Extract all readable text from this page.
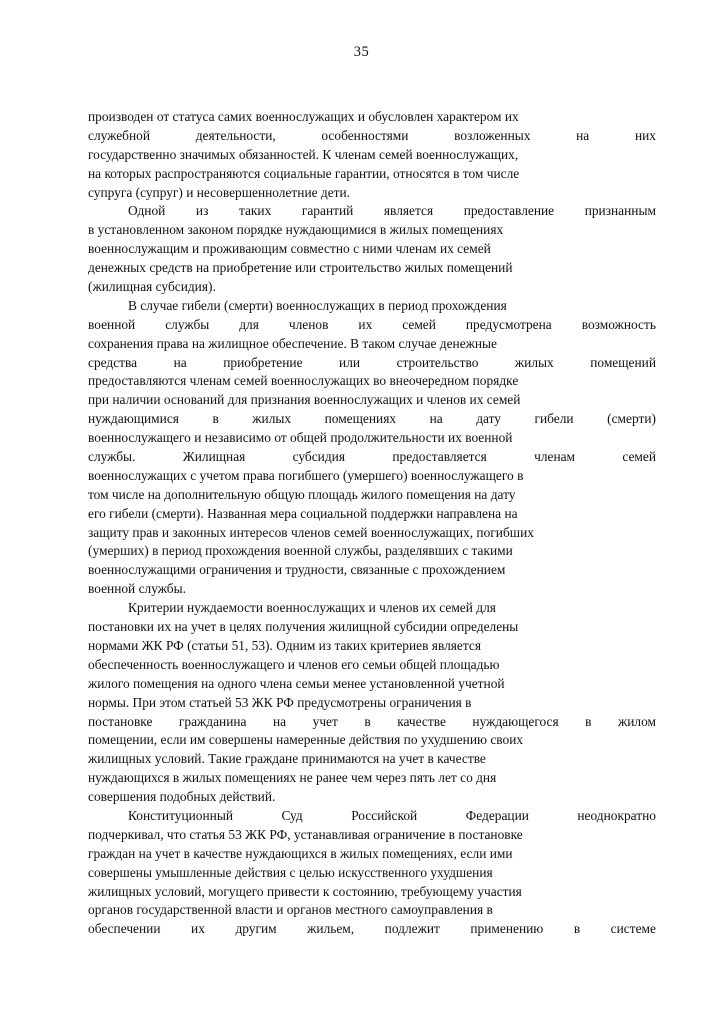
35
производен от статуса самих военнослужащих и обусловлен характером их
служебной	деятельности,	особенностями	возложенных	на	них
государственно значимых обязанностей. К членам семей военнослужащих,
на которых распространяются социальные гарантии, относятся в том числе
супруга (супруг) и несовершеннолетние дети.
Одной из таких гарантий является предоставление признанным
в установленном законом порядке нуждающимися в жилых помещениях
военнослужащим и проживающим совместно с ними членам их семей
денежных средств на приобретение или строительство жилых помещений
(жилищная субсидия).
В случае гибели (смерти) военнослужащих в период прохождения
военной службы для членов их семей предусмотрена возможность
сохранения права на жилищное обеспечение. В таком случае денежные
средства	на	приобретение	или	строительство	жилых	помещений
предоставляются членам семей военнослужащих во внеочередном порядке
при наличии оснований для признания военнослужащих и членов их семей
нуждающимися	в	жилых	помещениях	на	дату	гибели	(смерти)
военнослужащего и независимо от общей продолжительности их военной
службы.	Жилищная	субсидия	предоставляется	членам	семей
военнослужащих с учетом права погибшего (умершего) военнослужащего в
том числе на дополнительную общую площадь жилого помещения на дату
его гибели (смерти). Названная мера социальной поддержки направлена на
защиту прав и законных интересов членов семей военнослужащих, погибших
(умерших) в период прохождения военной службы, разделявших с такими
военнослужащими ограничения и трудности, связанные с прохождением
военной службы.
Критерии нуждаемости военнослужащих и членов их семей для
постановки их на учет в целях получения жилищной субсидии определены
нормами ЖК РФ (статьи 51, 53). Одним из таких критериев является
обеспеченность военнослужащего и членов его семьи общей площадью
жилого помещения на одного члена семьи менее установленной учетной
нормы. При этом статьей 53 ЖК РФ предусмотрены ограничения в
постановке гражданина на учет в качестве нуждающегося в жилом
помещении, если им совершены намеренные действия по ухудшению своих
жилищных условий. Такие граждане принимаются на учет в качестве
нуждающихся в жилых помещениях не ранее чем через пять лет со дня
совершения подобных действий.
Конституционный	Суд	Российской	Федерации	неоднократно
подчеркивал, что статья 53 ЖК РФ, устанавливая ограничение в постановке
граждан на учет в качестве нуждающихся в жилых помещениях, если ими
совершены умышленные действия с целью искусственного ухудшения
жилищных условий, могущего привести к состоянию, требующему участия
органов государственной власти и органов местного самоуправления в
обеспечении их другим жильем, подлежит применению в системе
